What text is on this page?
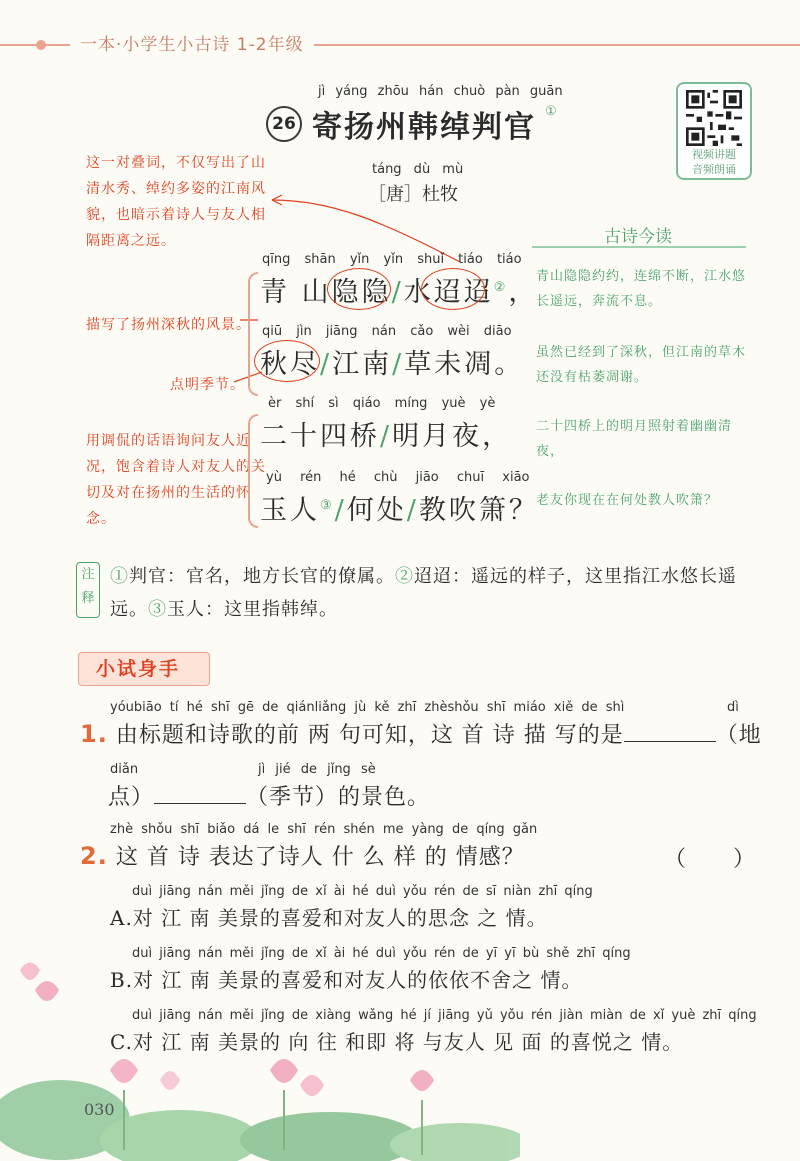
一本·小学生小古诗 1-2年级
jì yáng zhōu hán chuò pàn guān
26 寄扬州韩绰判官 ①
视频讲题
音频朗诵
táng dù mù
［唐］杜牧
这一对叠词，不仅写出了山清水秀、绰约多姿的江南风貌，也暗示着诗人与友人相隔距离之远。
描写了扬州深秋的风景。
点明季节。
用调侃的话语询问友人近况，饱含着诗人对友人的关切及对在扬州的生活的怀念。
qīng shān yǐn yǐn shuǐ tiáo tiáo
青 山隐隐/水迢迢②，
qiū jìn jiāng nán cǎo wèi diāo
秋尽/江南/草未凋。
èr shí sì qiáo míng yuè yè
二十四桥/明月夜，
yù rén hé chù jiāo chuī xiāo
玉人③/何处/教吹箫？
古诗今读
青山隐隐约约，连绵不断，江水悠长遥远，奔流不息。
虽然已经到了深秋，但江南的草木还没有枯萎凋谢。
二十四桥上的明月照射着幽幽清夜，
老友你现在在何处教人吹箫？
注释
①判官：官名，地方长官的僚属。②迢迢：遥远的样子，这里指江水悠长遥远。③玉人：这里指韩绰。
小试身手
yóubiāo tí hé shī gē de qiánliǎng jù kě zhī zhèshǒu shī miáo xiě de shì	dì
1. 由标题和诗歌的前 两 句可知，这 首 诗 描 写的是	（地
diǎn	jì jié de jǐng sè
点）	（季节）的景色。
zhè shǒu shī biǎo dá le shī rén shén me yàng de qíng gǎn
2. 这 首 诗 表达了诗人 什 么 样 的 情感？	（　　）
duì jiāng nán měi jǐng de xǐ ài hé duì yǒu rén de sī niàn zhī qíng
A.对 江 南 美景的喜爱和对友人的思念 之 情。
duì jiāng nán měi jǐng de xǐ ài hé duì yǒu rén de yī yī bù shě zhī qíng
B.对 江 南 美景的喜爱和对友人的依依不舍之 情。
duì jiāng nán měi jǐng de xiàng wǎng hé jí jiāng yǔ yǒu rén jiàn miàn de xǐ yuè zhī qíng
C.对 江 南 美景的 向 往 和即 将 与友人 见 面 的喜悦之 情。
030
